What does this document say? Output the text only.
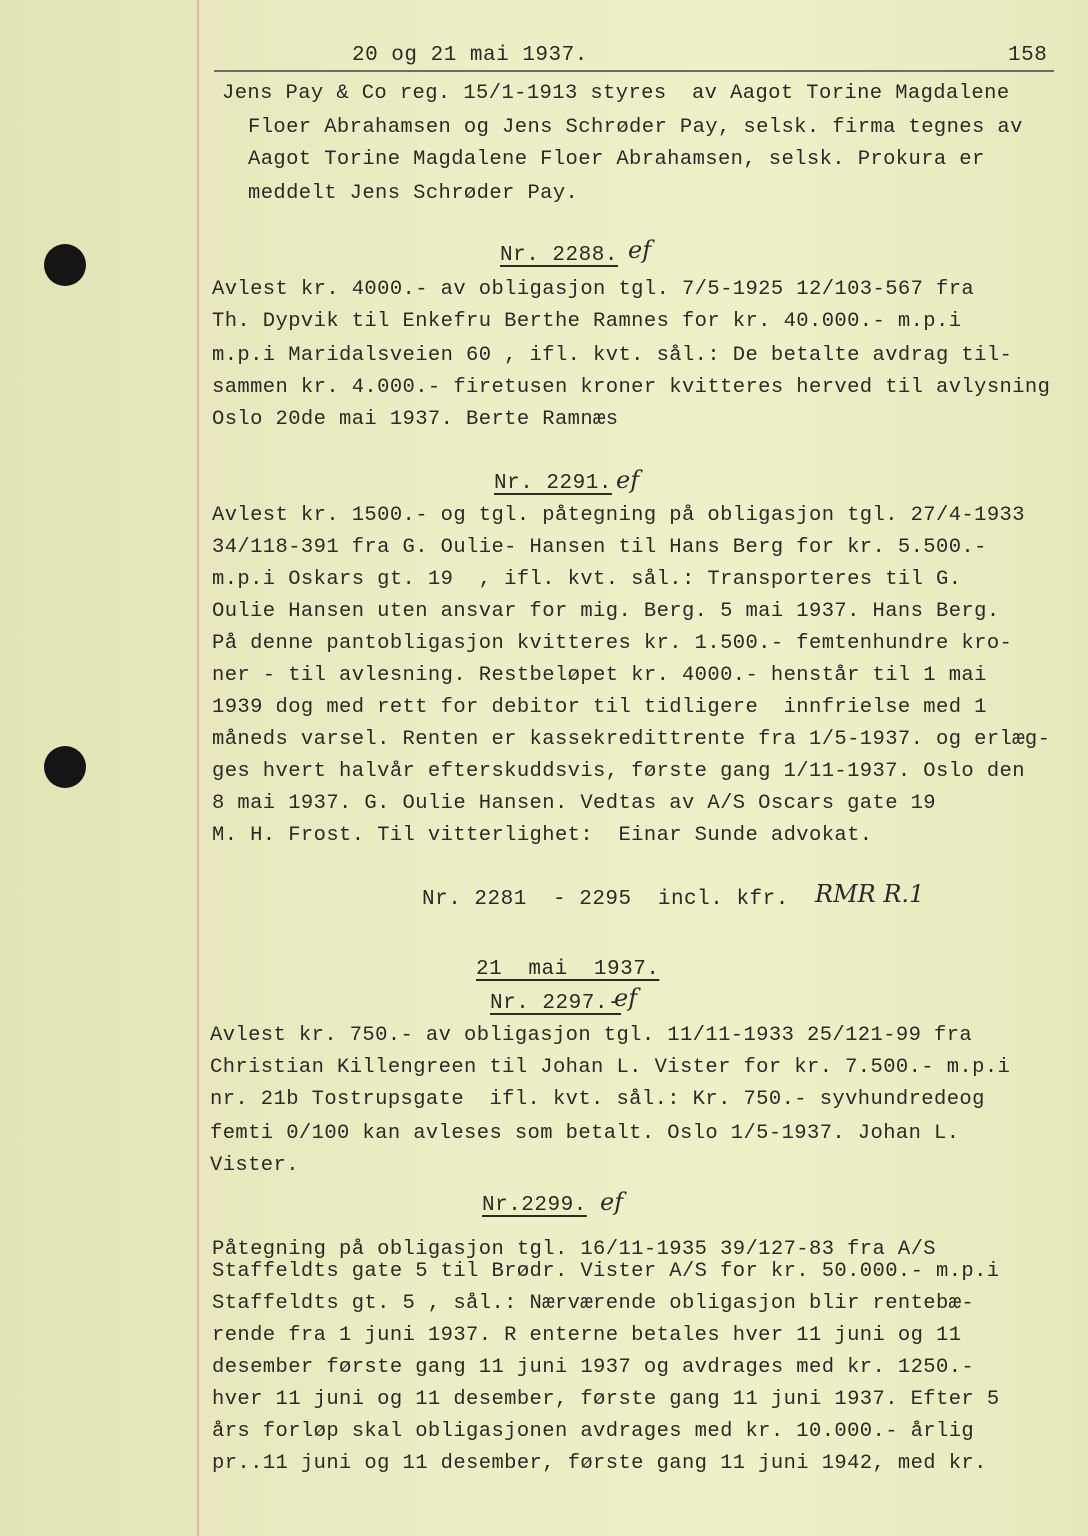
20 og 21 mai 1937.	158
Jens Pay & Co reg. 15/1-1913 styres  av Aagot Torine Magdalene
Floer Abrahamsen og Jens Schrøder Pay, selsk. firma tegnes av
Aagot Torine Magdalene Floer Abrahamsen, selsk. Prokura er
meddelt Jens Schrøder Pay.
Nr. 2288. ef
Avlest kr. 4000.- av obligasjon tgl. 7/5-1925 12/103-567 fra
Th. Dypvik til Enkefru Berthe Ramnes for kr. 40.000.- m.p.i
m.p.i Maridalsveien 60 , ifl. kvt. sål.: De betalte avdrag til-
sammen kr. 4.000.- firetusen kroner kvitteres herved til avlysning
Oslo 20de mai 1937. Berte Ramnæs
Nr. 2291. ef
Avlest kr. 1500.- og tgl. påtegning på obligasjon tgl. 27/4-1933
34/118-391 fra G. Oulie- Hansen til Hans Berg for kr. 5.500.-
m.p.i Oskars gt. 19  , ifl. kvt. sål.: Transporteres til G.
Oulie Hansen uten ansvar for mig. Berg. 5 mai 1937. Hans Berg.
På denne pantobligasjon kvitteres kr. 1.500.- femtenhundre kro-
ner - til avlesning. Restbeløpet kr. 4000.- henstår til 1 mai
1939 dog med rett for debitor til tidligere  innfrielse med 1
måneds varsel. Renten er kassekredittrente fra 1/5-1937. og erlæg-
ges hvert halvår efterskuddsvis, første gang 1/11-1937. Oslo den
8 mai 1937. G. Oulie Hansen. Vedtas av A/S Oscars gate 19
M. H. Frost. Til vitterlighet:  Einar Sunde advokat.
Nr. 2281  - 2295  incl. kfr. RMR R.1
21  mai  1937.
Nr. 2297.-
ef
Avlest kr. 750.- av obligasjon tgl. 11/11-1933 25/121-99 fra
Christian Killengreen til Johan L. Vister for kr. 7.500.- m.p.i
nr. 21b Tostrupsgate  ifl. kvt. sål.: Kr. 750.- syvhundredeog
femti 0/100 kan avleses som betalt. Oslo 1/5-1937. Johan L.
Vister.
Nr.2299. ef
Påtegning på obligasjon tgl. 16/11-1935 39/127-83 fra A/S
Staffeldts gate 5 til Brødr. Vister A/S for kr. 50.000.- m.p.i
Staffeldts gt. 5 , sål.: Nærværende obligasjon blir rentebæ-
rende fra 1 juni 1937. R enterne betales hver 11 juni og 11
desember første gang 11 juni 1937 og avdrages med kr. 1250.-
hver 11 juni og 11 desember, første gang 11 juni 1937. Efter 5
års forløp skal obligasjonen avdrages med kr. 10.000.- årlig
pr..11 juni og 11 desember, første gang 11 juni 1942, med kr.
